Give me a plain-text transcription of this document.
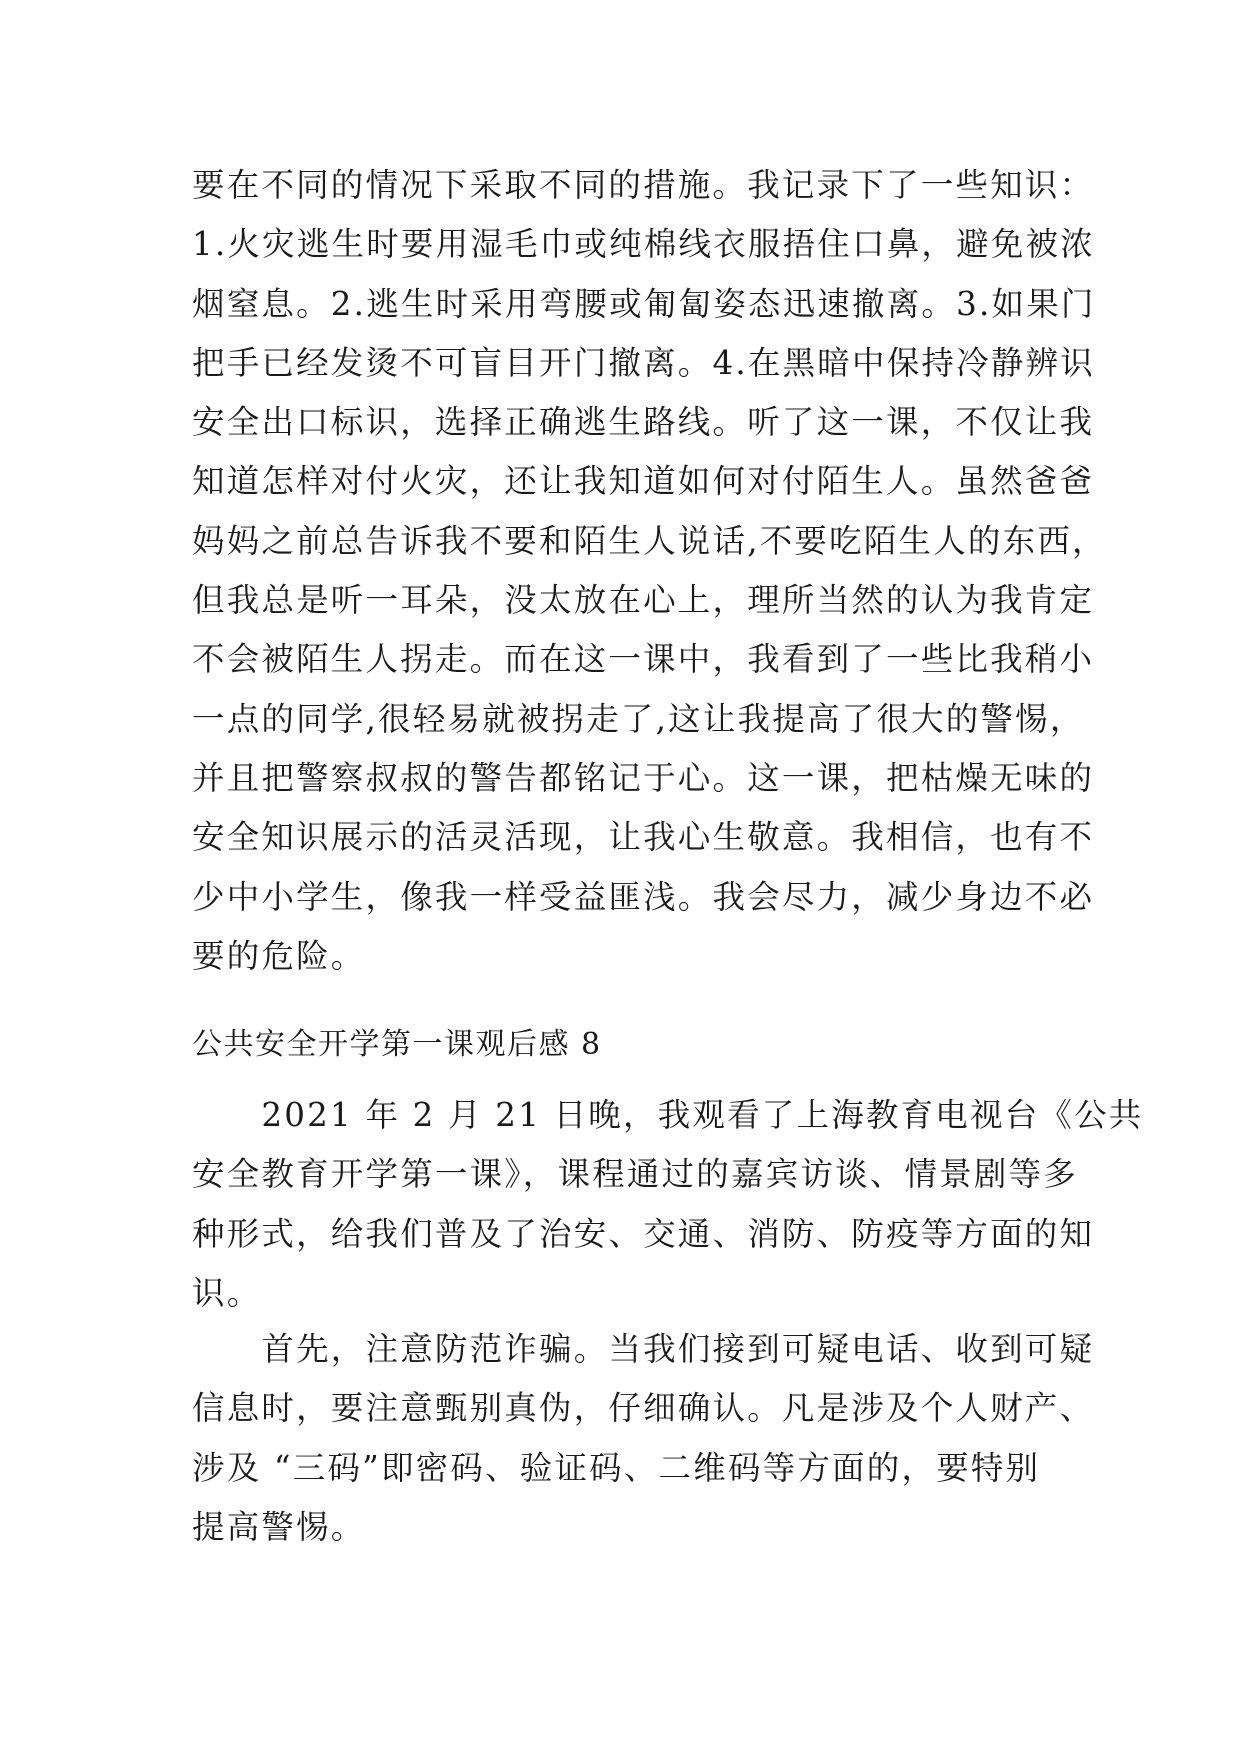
要在不同的情况下采取不同的措施。我记录下了一些知识：
1.火灾逃生时要用湿毛巾或纯棉线衣服捂住口鼻，避免被浓
烟窒息。2.逃生时采用弯腰或匍匐姿态迅速撤离。3.如果门
把手已经发烫不可盲目开门撤离。4.在黑暗中保持冷静辨识
安全出口标识，选择正确逃生路线。听了这一课，不仅让我
知道怎样对付火灾，还让我知道如何对付陌生人。虽然爸爸
妈妈之前总告诉我不要和陌生人说话,不要吃陌生人的东西，
但我总是听一耳朵，没太放在心上，理所当然的认为我肯定
不会被陌生人拐走。而在这一课中，我看到了一些比我稍小
一点的同学,很轻易就被拐走了,这让我提高了很大的警惕，
并且把警察叔叔的警告都铭记于心。这一课，把枯燥无味的
安全知识展示的活灵活现，让我心生敬意。我相信，也有不
少中小学生，像我一样受益匪浅。我会尽力，减少身边不必
要的危险。
公共安全开学第一课观后感 8
　　2021 年 2 月 21 日晚，我观看了上海教育电视台《公共
安全教育开学第一课》，课程通过的嘉宾访谈、情景剧等多
种形式，给我们普及了治安、交通、消防、防疫等方面的知
识。
　　首先，注意防范诈骗。当我们接到可疑电话、收到可疑
信息时，要注意甄别真伪，仔细确认。凡是涉及个人财产、
涉及 “三码”即密码、验证码、二维码等方面的，要特别
提高警惕。
